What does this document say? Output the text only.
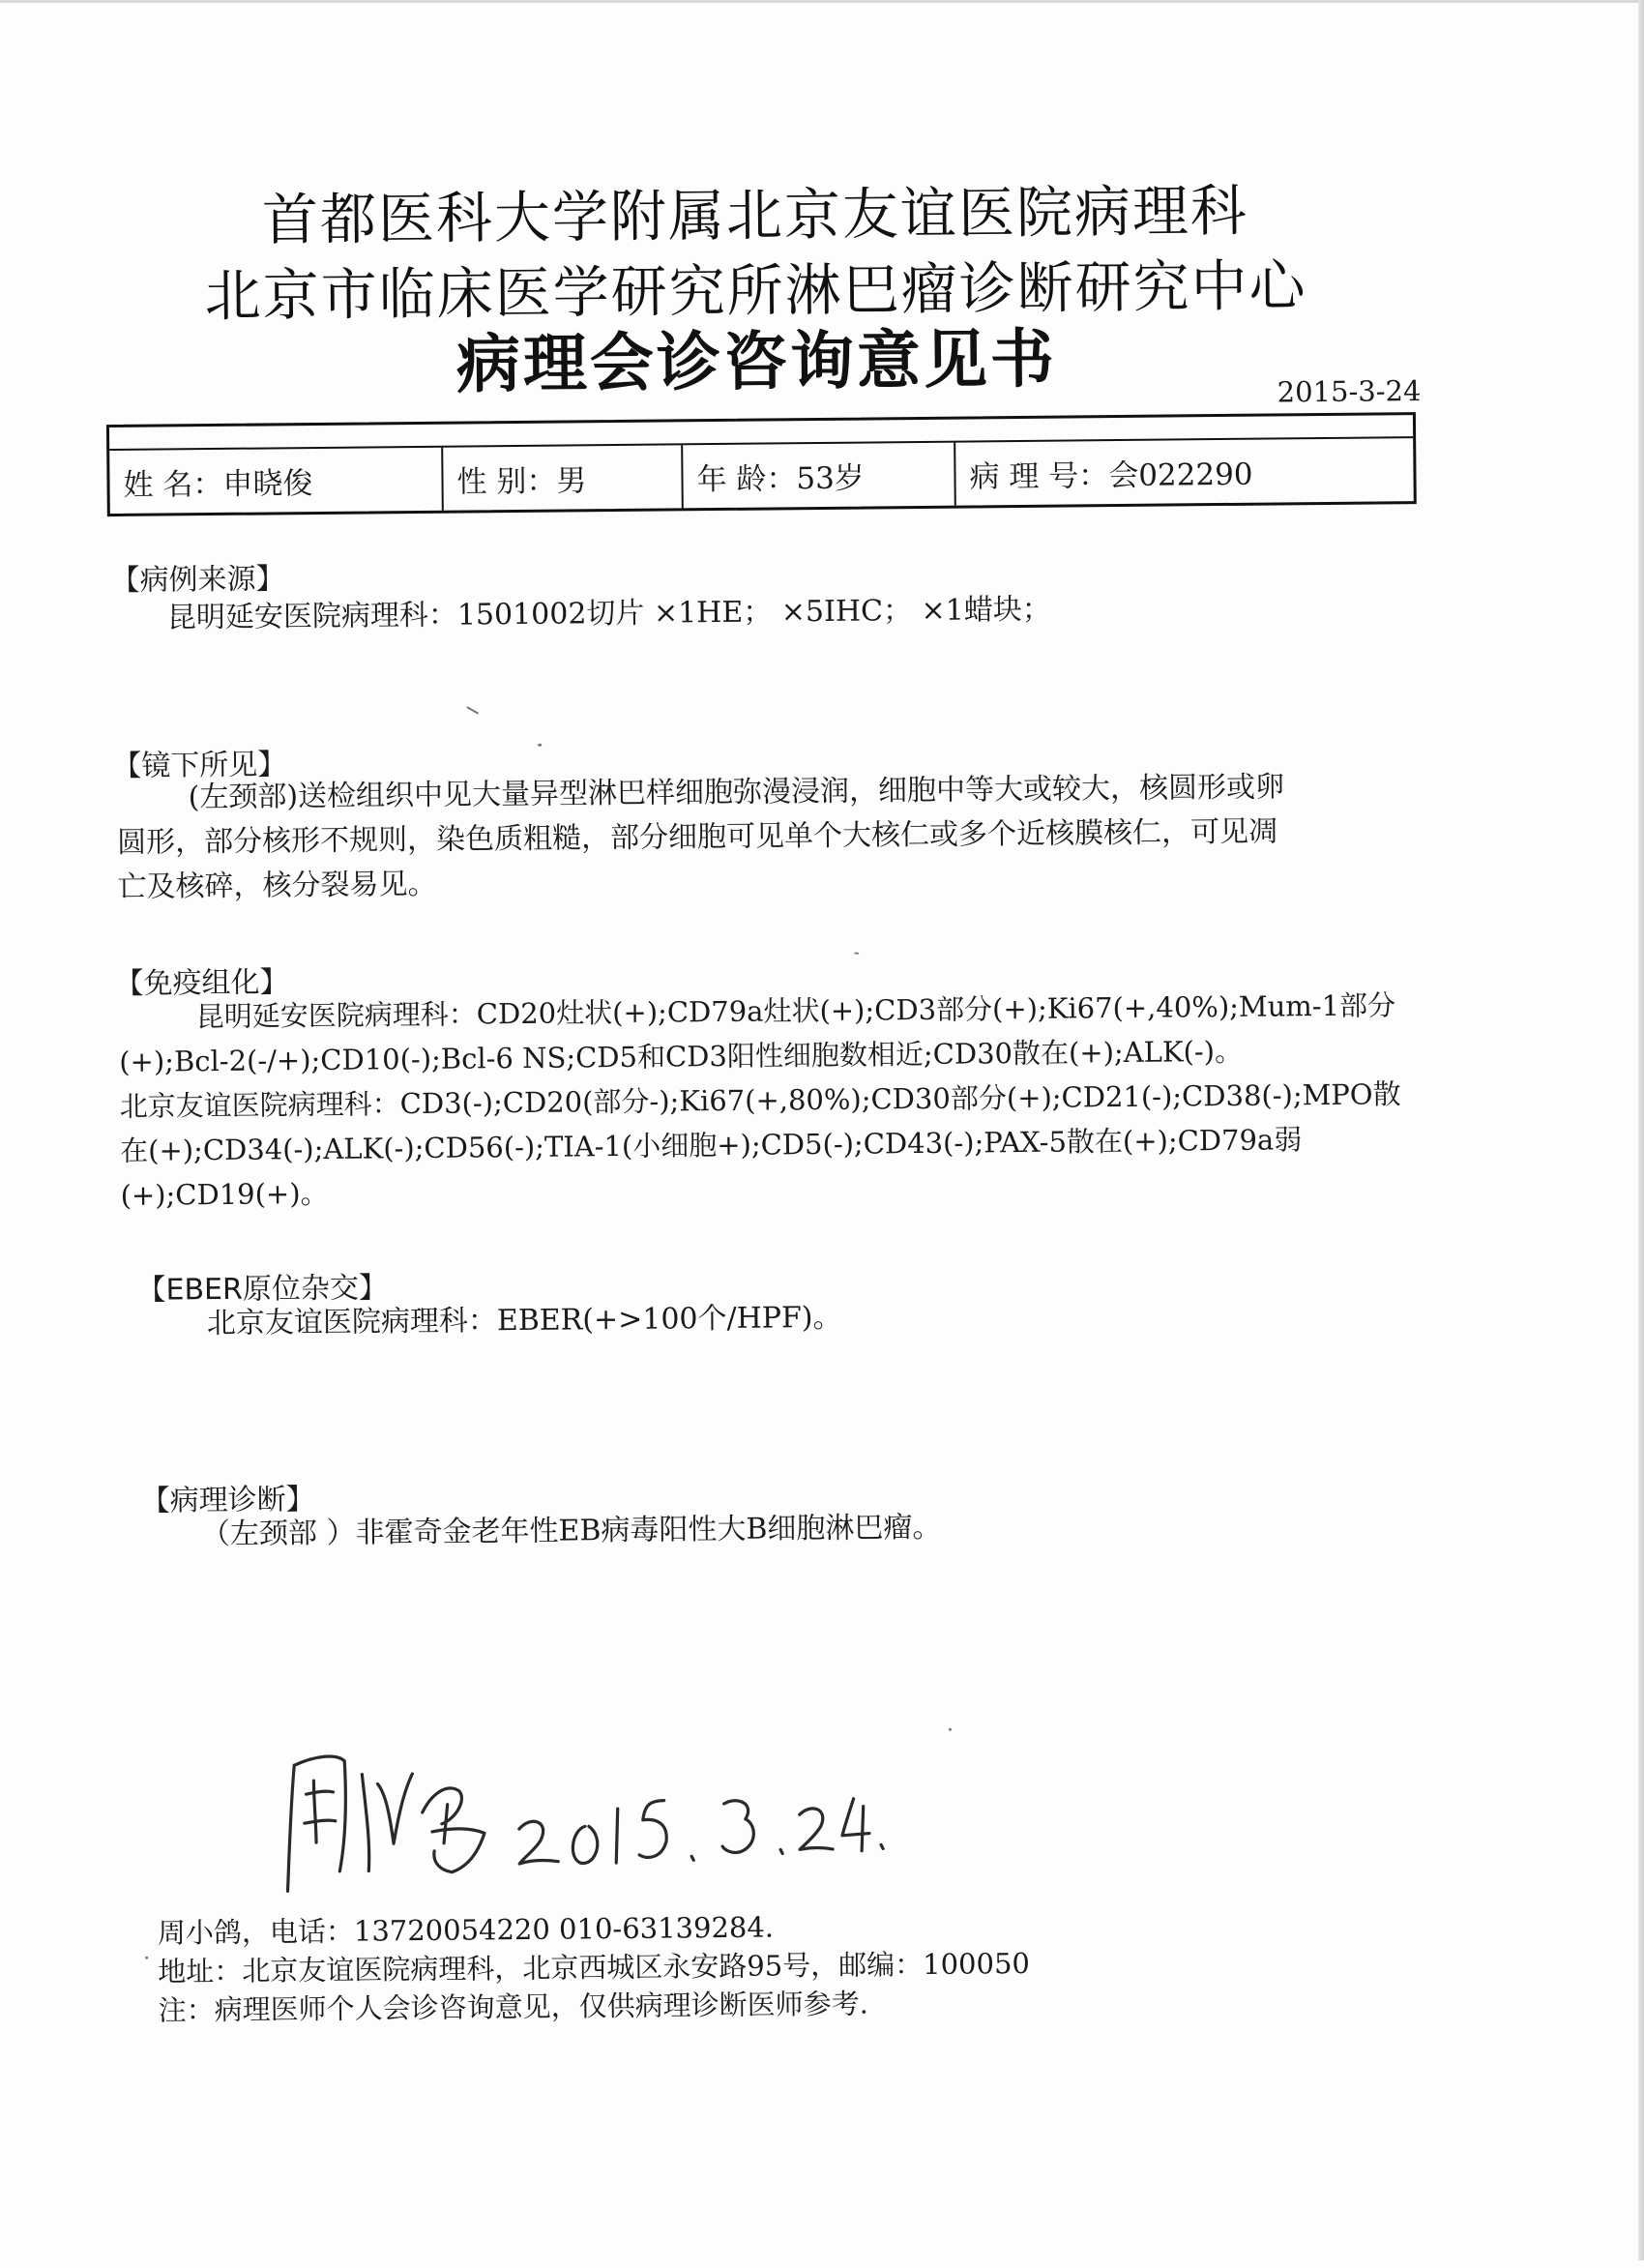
首都医科大学附属北京友谊医院病理科
北京市临床医学研究所淋巴瘤诊断研究中心
病理会诊咨询意见书	2015-3-24
姓 名： 申晓俊	性 别： 男	年 龄： 53岁	病 理 号： 会022290
【病例来源】
昆明延安医院病理科：1501002切片 ×1HE； ×5IHC； ×1蜡块；
【镜下所见】
(左颈部)送检组织中见大量异型淋巴样细胞弥漫浸润，细胞中等大或较大，核圆形或卵
圆形，部分核形不规则，染色质粗糙，部分细胞可见单个大核仁或多个近核膜核仁，可见凋
亡及核碎，核分裂易见。
【免疫组化】
昆明延安医院病理科：CD20灶状(+);CD79a灶状(+);CD3部分(+);Ki67(+,40%);Mum-1部分
(+);Bcl-2(-/+);CD10(-);Bcl-6 NS;CD5和CD3阳性细胞数相近;CD30散在(+);ALK(-)。
北京友谊医院病理科：CD3(-);CD20(部分-);Ki67(+,80%);CD30部分(+);CD21(-);CD38(-);MPO散
在(+);CD34(-);ALK(-);CD56(-);TIA-1(小细胞+);CD5(-);CD43(-);PAX-5散在(+);CD79a弱
(+);CD19(+)。
【EBER原位杂交】
北京友谊医院病理科：EBER(+>100个/HPF)。
【病理诊断】
（左颈部 ）非霍奇金老年性EB病毒阳性大B细胞淋巴瘤。
周小鸽，电话：13720054220 010-63139284.
地址：北京友谊医院病理科，北京西城区永安路95号，邮编：100050
注：病理医师个人会诊咨询意见，仅供病理诊断医师参考.
